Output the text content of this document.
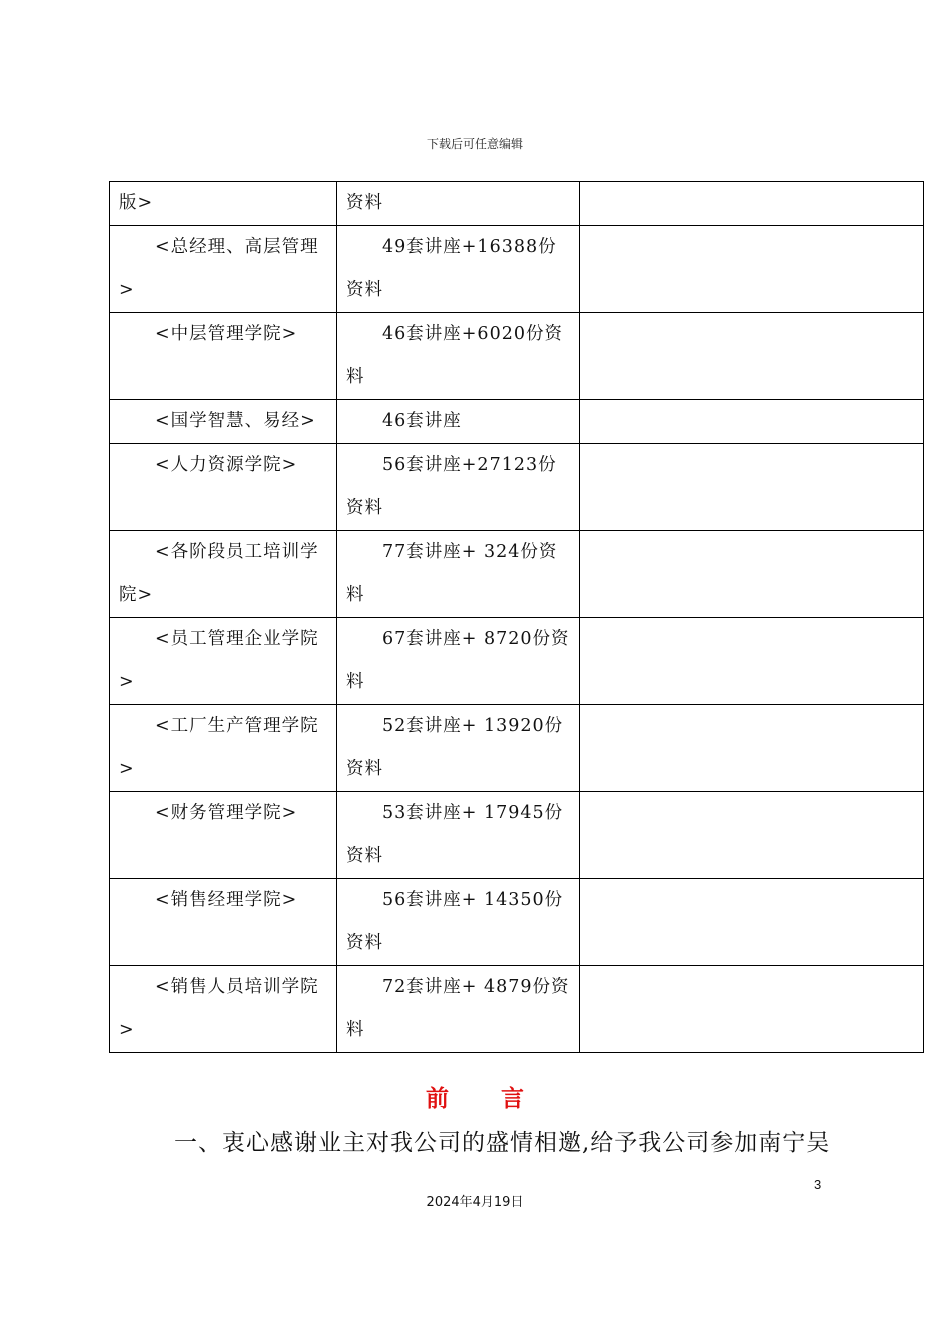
下载后可任意编辑
版>	资料	
<总经理、高层管理>	49套讲座+16388份资料	
<中层管理学院>	46套讲座+6020份资料	
<国学智慧、易经>	46套讲座	
<人力资源学院>	56套讲座+27123份资料	
<各阶段员工培训学院>	77套讲座+ 324份资料	
<员工管理企业学院>	67套讲座+ 8720份资料	
<工厂生产管理学院>	52套讲座+ 13920份资料	
<财务管理学院>	53套讲座+ 17945份资料	
<销售经理学院>	56套讲座+ 14350份资料	
<销售人员培训学院>	72套讲座+ 4879份资料	
前言
一、衷心感谢业主对我公司的盛情相邀,给予我公司参加南宁吴
3
2024年4月19日
